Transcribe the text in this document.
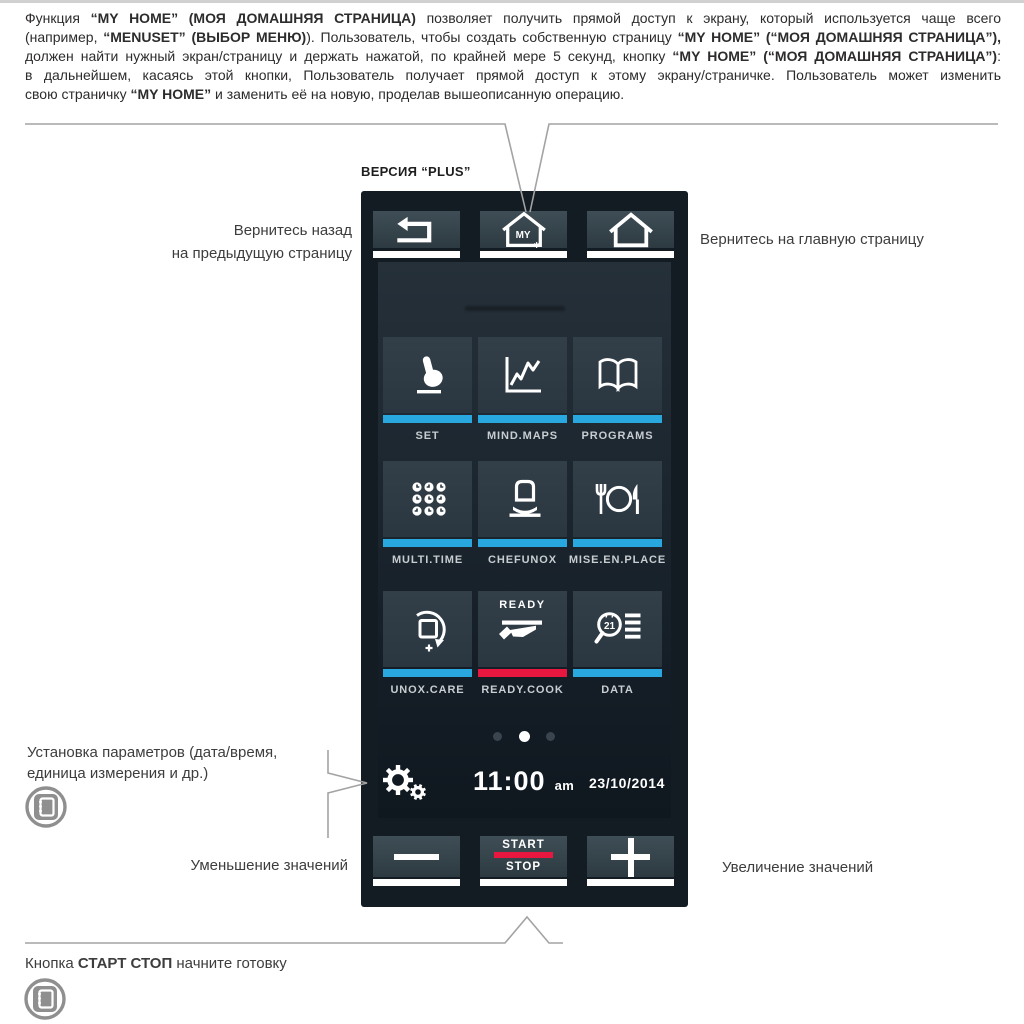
Функция “MY HOME” (МОЯ ДОМАШНЯЯ СТРАНИЦА) позволяет получить прямой доступ к экрану, который используется чаще всего
(например, “MENUSET” (ВЫБОР МЕНЮ)). Пользователь, чтобы создать собственную страницу “MY HOME” (“МОЯ ДОМАШНЯЯ СТРАНИЦА”),
должен найти нужный экран/страницу и держать нажатой, по крайней мере 5 секунд, кнопку “MY HOME” (“МОЯ ДОМАШНЯЯ СТРАНИЦА”):
в дальнейшем, касаясь этой кнопки, Пользователь получает прямой доступ к этому экрану/страничке. Пользователь может изменить
свою страничку “MY HOME” и заменить её на новую, проделав вышеописанную операцию.
ВЕРСИЯ “PLUS”
Вернитесь назад
на предыдущую страницу
Вернитесь на главную страницу
Установка параметров (дата/время,
единица измерения и др.)
Уменьшение значений	Увеличение значений
Кнопка СТАРТ СТОП начните готовку
MY
✱
SET	MIND.MAPS	PROGRAMS
MULTI.TIME	CHEFUNOX	MISE.EN.PLACE
UNOX.CARE
READY
READY.COOK
21
DATA
11:00 am 23/10/2014
START
STOP
